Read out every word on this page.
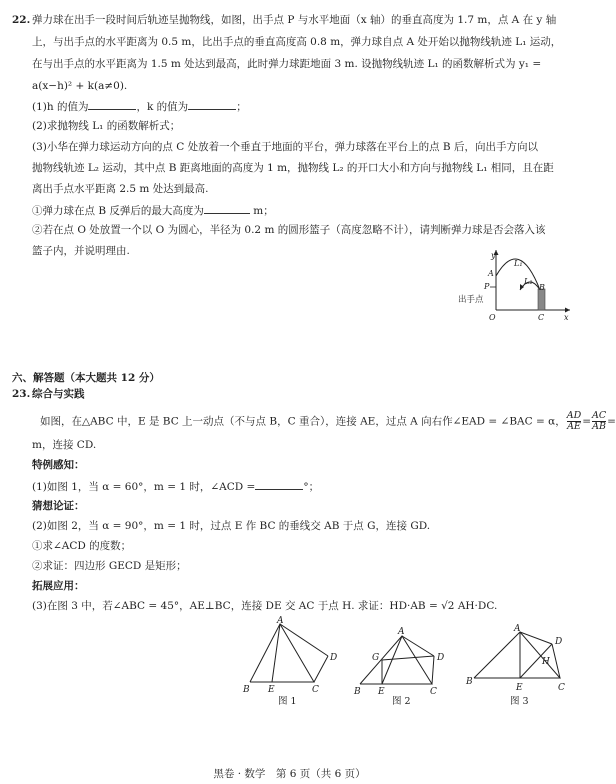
22. 弹力球在出手一段时间后轨迹呈抛物线，如图，出手点 P 与水平地面（x 轴）的垂直高度为 1.7 m，点 A 在 y 轴
上，与出手点的水平距离为 0.5 m，比出手点的垂直高度高 0.8 m，弹力球自点 A 处开始以抛物线轨迹 L₁ 运动，
在与出手点的水平距离为 1.5 m 处达到最高，此时弹力球距地面 3 m. 设抛物线轨迹 L₁ 的函数解析式为 y₁ =
a(x−h)² + k(a≠0).
(1)h 的值为	，k 的值为	；
(2)求抛物线 L₁ 的函数解析式；
(3)小华在弹力球运动方向的点 C 处放着一个垂直于地面的平台，弹力球落在平台上的点 B 后，向出手方向以
抛物线轨迹 L₂ 运动，其中点 B 距离地面的高度为 1 m，抛物线 L₂ 的开口大小和方向与抛物线 L₁ 相同，且在距
离出手点水平距离 2.5 m 处达到最高.
①弹力球在点 B 反弹后的最大高度为	m；
②若在点 O 处放置一个以 O 为圆心，半径为 0.2 m 的圆形篮子（高度忽略不计），请判断弹力球是否会落入该
篮子内，并说明理由.	y
L₁
A
P
L₂
B
出手点
O	C x
六、解答题（本大题共 12 分）
23. 综合与实践
如图，在△ABC 中，E 是 BC 上一动点（不与点 B，C 重合），连接 AE，过点 A 向右作∠EAD = ∠BAC = α， $\frac{AD}{AE} = \frac{AC}{AB}$ =
m，连接 CD.
特例感知：
(1)如图 1，当 α = 60°，m = 1 时，∠ACD =	°；
猜想论证：
(2)如图 2，当 α = 90°，m = 1 时，过点 E 作 BC 的垂线交 AB 于点 G，连接 GD.
①求∠ACD 的度数；
②求证：四边形 GECD 是矩形；
拓展应用：
(3)在图 3 中，若∠ABC = 45°，AE⊥BC，连接 DE 交 AC 于点 H. 求证：HD·AB = √2 AH·DC.
A
D
B E	C
图 1
A
G	D
B E	C
图 2
A
D
H
B
E	C
图 3
黑卷 · 数学　第 6 页（共 6 页）
